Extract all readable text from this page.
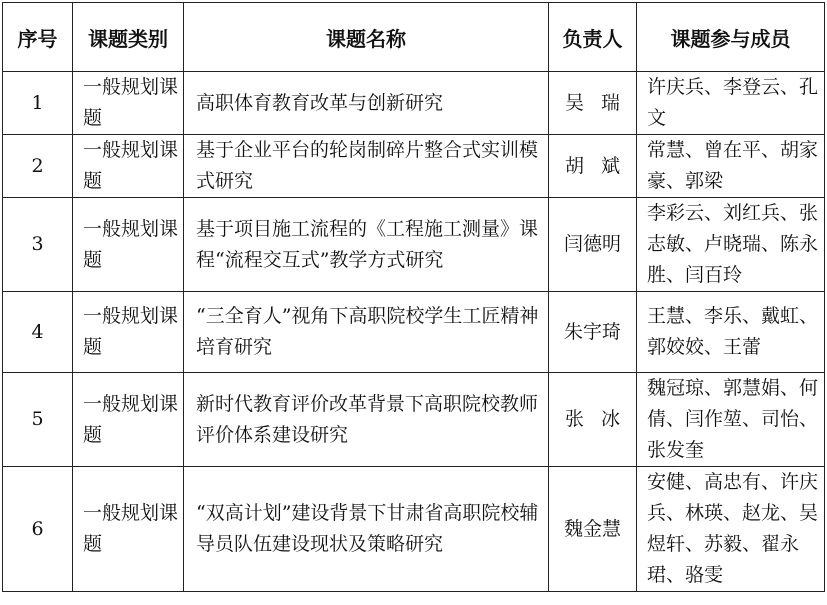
序号	课题类别	课题名称	负责人	课题参与成员
1	一般规划课题	高职体育教育改革与创新研究	吴瑞	许庆兵、李登云、孔文
2	一般规划课题	基于企业平台的轮岗制碎片整合式实训模式研究	胡斌	常慧、曾在平、胡家豪、郭梁
3	一般规划课题	基于项目施工流程的《工程施工测量》课程“流程交互式”教学方式研究	闫德明	李彩云、刘红兵、张志敏、卢晓瑞、陈永胜、闫百玲
4	一般规划课题	“三全育人”视角下高职院校学生工匠精神培育研究	朱宇琦	王慧、李乐、戴虹、郭姣姣、王蕾
5	一般规划课题	新时代教育评价改革背景下高职院校教师评价体系建设研究	张冰	魏冠琼、郭慧娟、何倩、闫作堃、司怡、张发奎
6	一般规划课题	“双高计划”建设背景下甘肃省高职院校辅导员队伍建设现状及策略研究	魏金慧	安健、高忠有、许庆兵、林瑛、赵龙、吴煜轩、苏毅、翟永珺、骆雯
